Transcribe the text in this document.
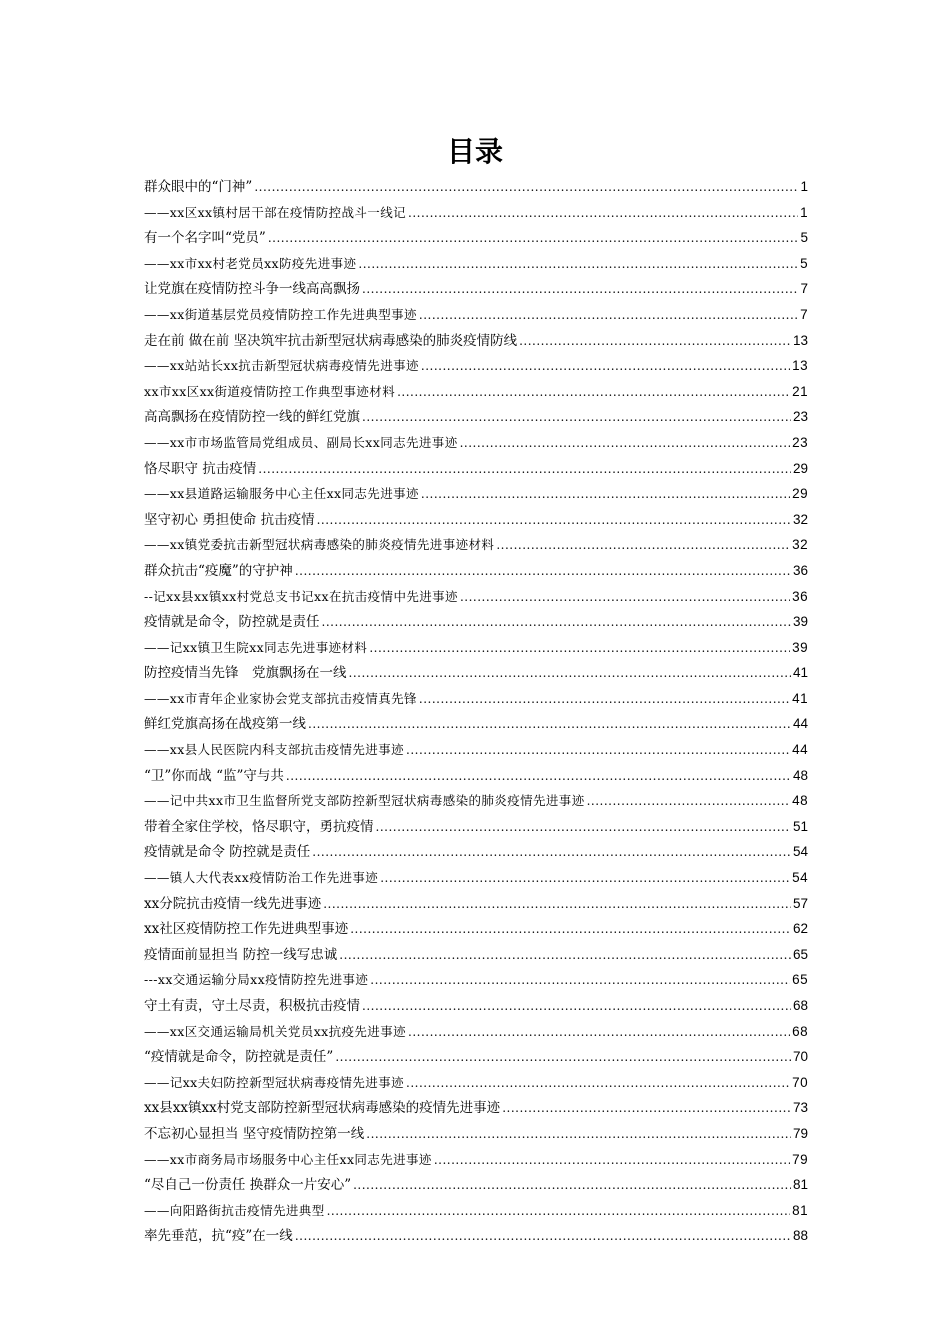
目录
群众眼中的“门神” .....	1
——xx区xx镇村居干部在疫情防控战斗一线记 .....	1
有一个名字叫“党员” .....	5
——xx市xx村老党员xx防疫先进事迹 .....	5
让党旗在疫情防控斗争一线高高飘扬 .....	7
——xx街道基层党员疫情防控工作先进典型事迹 .....	7
走在前 做在前 坚决筑牢抗击新型冠状病毒感染的肺炎疫情防线 .....	13
——xx站站长xx抗击新型冠状病毒疫情先进事迹 .....	13
xx市xx区xx街道疫情防控工作典型事迹材料 .....	21
高高飘扬在疫情防控一线的鲜红党旗 .....	23
——xx市市场监管局党组成员、副局长xx同志先进事迹 .....	23
恪尽职守 抗击疫情 .....	29
——xx县道路运输服务中心主任xx同志先进事迹 .....	29
坚守初心 勇担使命 抗击疫情 .....	32
——xx镇党委抗击新型冠状病毒感染的肺炎疫情先进事迹材料 .....	32
群众抗击“疫魔”的守护神 .....	36
--记xx县xx镇xx村党总支书记xx在抗击疫情中先进事迹 .....	36
疫情就是命令，防控就是责任 .....	39
——记xx镇卫生院xx同志先进事迹材料 .....	39
防控疫情当先锋　党旗飘扬在一线 .....	41
——xx市青年企业家协会党支部抗击疫情真先锋 .....	41
鲜红党旗高扬在战疫第一线 .....	44
——xx县人民医院内科支部抗击疫情先进事迹 .....	44
“卫”你而战 “监”守与共 .....	48
——记中共xx市卫生监督所党支部防控新型冠状病毒感染的肺炎疫情先进事迹 .....	48
带着全家住学校，恪尽职守，勇抗疫情 .....	51
疫情就是命令 防控就是责任 .....	54
——镇人大代表xx疫情防治工作先进事迹 .....	54
xx分院抗击疫情一线先进事迹 .....	57
xx社区疫情防控工作先进典型事迹 .....	62
疫情面前显担当 防控一线写忠诚 .....	65
---xx交通运输分局xx疫情防控先进事迹 .....	65
守土有责，守土尽责，积极抗击疫情 .....	68
——xx区交通运输局机关党员xx抗疫先进事迹 .....	68
“疫情就是命令，防控就是责任” .....	70
——记xx夫妇防控新型冠状病毒疫情先进事迹 .....	70
xx县xx镇xx村党支部防控新型冠状病毒感染的疫情先进事迹 .....	73
不忘初心显担当 坚守疫情防控第一线 .....	79
——xx市商务局市场服务中心主任xx同志先进事迹 .....	79
“尽自己一份责任 换群众一片安心” .....	81
——向阳路街抗击疫情先进典型 .....	81
率先垂范，抗“疫”在一线 .....	88
